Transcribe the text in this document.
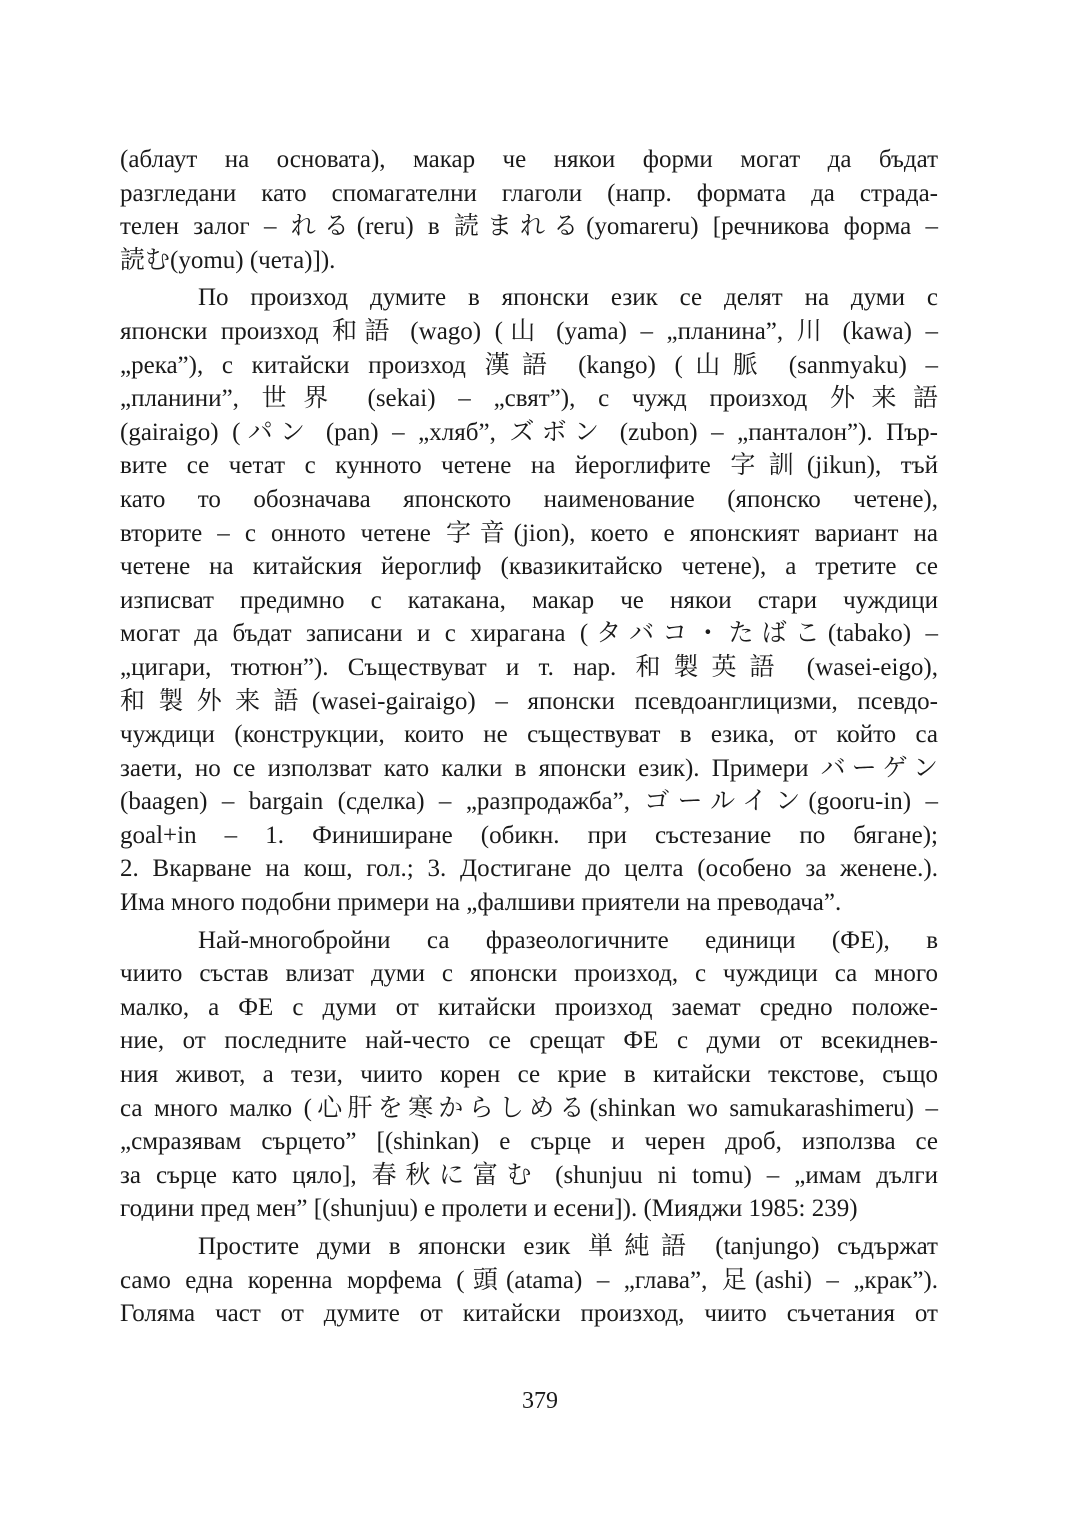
(аблаут на основата), макар че някои форми могат да бъдат
разгледани като спомагателни глаголи (напр. формата да страда-
телен залог – れる(reru) в 読まれる(yomareru) [речникова форма –
読む(yomu) (чета)]).
По произход думите в японски език се делят на думи с
японски произход 和語 (wago) (山 (yama) – „планина”, 川 (kawa) –
„река”), с китайски произход 漢語 (kango) (山脈 (sanmyaku) –
„планини”, 世界 (sekai) – „свят”), с чужд произход 外来語
(gairaigo) (パン (pan) – „хляб”, ズボン (zubon) – „панталон”). Пър-
вите се четат с кунното четене на йероглифите 字訓(jikun), тъй
като то обозначава японското наименование (японско четене),
вторите – с онното четене 字音(jion), което е японският вариант на
четене на китайския йероглиф (квазикитайско четене), а третите се
изписват предимно с катакана, макар че някои стари чуждици
могат да бъдат записани и с хирагана (タバコ・たばこ(tabako) –
„цигари, тютюн”). Съществуват и т. нар. 和製英語 (wasei-eigo),
和製外来語(wasei-gairaigo) – японски псевдоанглицизми, псевдо-
чуждици (конструкции, които не съществуват в езика, от който са
заети, но се използват като калки в японски език). Примери バーゲン
(baagen) – bargain (сделка) – „разпродажба”, ゴールイン(gooru-in) –
goal+in – 1. Финиширане (обикн. при състезание по бягане);
2. Вкарване на кош, гол.; 3. Достигане до целта (особено за женене.).
Има много подобни примери на „фалшиви приятели на преводача”.
Най-многобройни са фразеологичните единици (ФЕ), в
чиито състав влизат думи с японски произход, с чуждици са много
малко, а ФЕ с думи от китайски произход заемат средно положе-
ние, от последните най-често се срещат ФЕ с думи от всекиднев-
ния живот, а тези, чиито корен се крие в китайски текстове, също
са много малко (心肝を寒からしめる(shinkan wo samukarashimeru) –
„смразявам сърцето” [(shinkan) е сърце и черен дроб, използва се
за сърце като цяло], 春秋に富む (shunjuu ni tomu) – „имам дълги
години пред мен” [(shunjuu) е пролети и есени]). (Мияджи 1985: 239)
Простите думи в японски език 単純語 (tanjungo) съдържат
само една коренна морфема (頭(atama) – „глава”, 足(ashi) – „крак”).
Голяма част от думите от китайски произход, чиито съчетания от
379
